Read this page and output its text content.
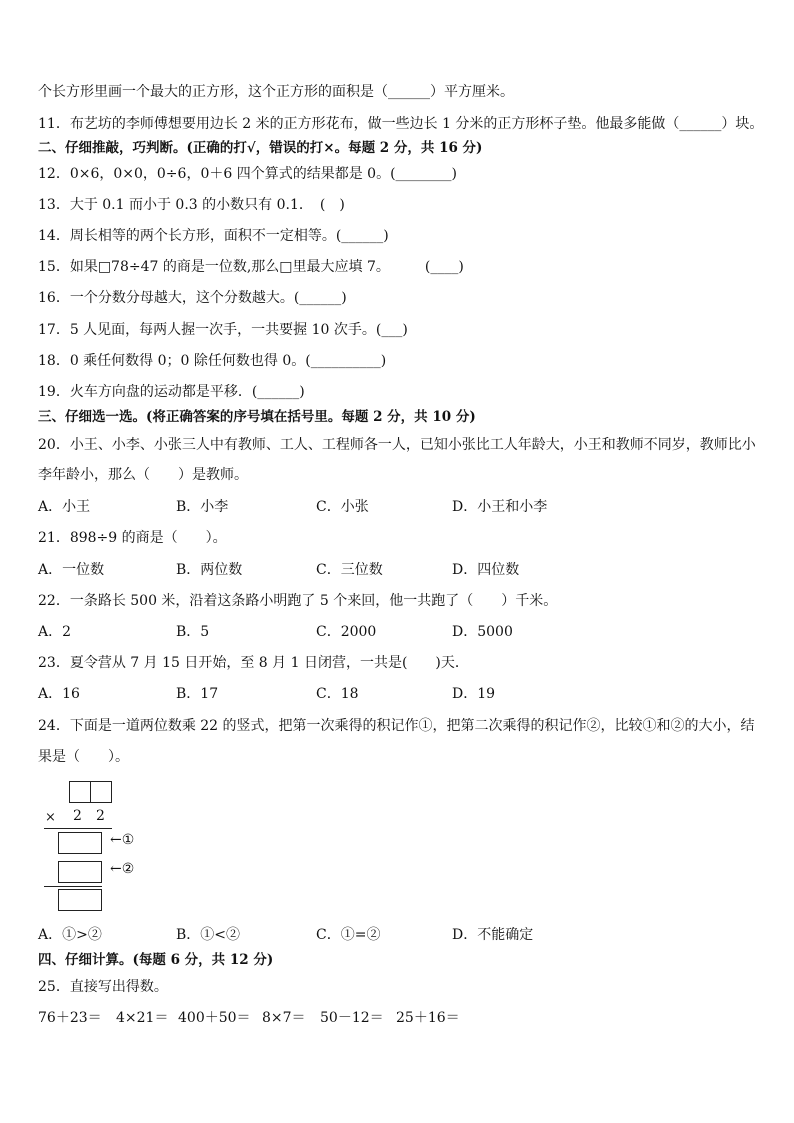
个长方形里画一个最大的正方形，这个正方形的面积是（______）平方厘米。
11．布艺坊的李师傅想要用边长 2 米的正方形花布，做一些边长 1 分米的正方形杯子垫。他最多能做（______）块。
二、仔细推敲，巧判断。(正确的打√，错误的打×。每题 2 分，共 16 分)
12．0×6，0×0，0÷6，0＋6 四个算式的结果都是 0。(________)
13．大于 0.1 而小于 0.3 的小数只有 0.1．　(　)
14．周长相等的两个长方形，面积不一定相等。(______)
15．如果□78÷47 的商是一位数,那么□里最大应填 7。　　　(____)
16．一个分数分母越大，这个分数越大。(______)
17．5 人见面，每两人握一次手，一共要握 10 次手。(___)
18．0 乘任何数得 0；0 除任何数也得 0。(__________)
19．火车方向盘的运动都是平移．(______)
三、仔细选一选。(将正确答案的序号填在括号里。每题 2 分，共 10 分)
20．小王、小李、小张三人中有教师、工人、工程师各一人，已知小张比工人年龄大，小王和教师不同岁，教师比小
李年龄小，那么（　　）是教师。
A．小王	B．小李	C．小张	D．小王和小李
21．898÷9 的商是（　　）。
A．一位数	B．两位数	C．三位数	D．四位数
22．一条路长 500 米，沿着这条路小明跑了 5 个来回，他一共跑了（　　）千米。
A．2	B．5	C．2000	D．5000
23．夏令营从 7 月 15 日开始，至 8 月 1 日闭营，一共是(　　)天．
A．16	B．17	C．18	D．19
24．下面是一道两位数乘 22 的竖式，把第一次乘得的积记作①，把第二次乘得的积记作②，比较①和②的大小，结
果是（　　）。
× 2 2
←①
←②
A．①>②	B．①<②	C．①=②	D．不能确定
四、仔细计算。(每题 6 分，共 12 分)
25．直接写出得数。
76＋23＝ 4×21＝ 400＋50＝ 8×7＝ 50－12＝ 25＋16＝
